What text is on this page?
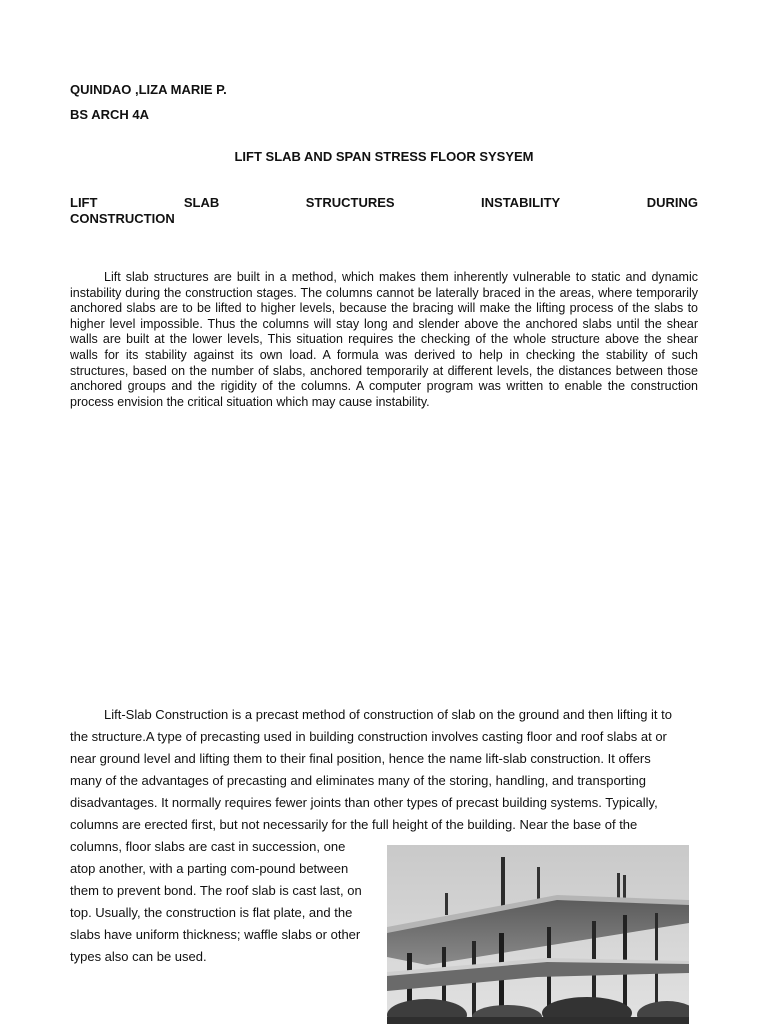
QUINDAO ,LIZA MARIE P.
BS ARCH 4A
LIFT SLAB AND SPAN STRESS FLOOR SYSYEM
LIFT	SLAB	STRUCTURES	INSTABILITY	DURING
CONSTRUCTION
Lift slab structures are built in a method, which makes them inherently vulnerable to static and dynamic instability during the construction stages. The columns cannot be laterally braced in the areas, where temporarily anchored slabs are to be lifted to higher levels, because the bracing will make the lifting process of the slabs to higher level impossible. Thus the columns will stay long and slender above the anchored slabs until the shear walls are built at the lower levels, This situation requires the checking of the whole structure above the shear walls for its stability against its own load. A formula was derived to help in checking the stability of such structures, based on the number of slabs, anchored temporarily at different levels, the distances between those anchored groups and the rigidity of the columns. A computer program was written to enable the construction process envision the critical situation which may cause instability.
Lift-Slab Construction is a precast method of construction of slab on the ground and then lifting it to
the structure.A type of precasting used in building construction involves casting floor and roof slabs at or
near ground level and lifting them to their final position, hence the name lift-slab construction. It offers
many of the advantages of precasting and eliminates many of the storing, handling, and transporting
disadvantages. It normally requires fewer joints than other types of precast building systems. Typically,
columns are erected first, but not necessarily for the full height of the building. Near the base of the
columns, floor slabs are cast in succession, one
atop another, with a parting com-pound between
them to prevent bond. The roof slab is cast last, on
top. Usually, the construction is flat plate, and the
slabs have uniform thickness; waffle slabs or other
types also can be used.
